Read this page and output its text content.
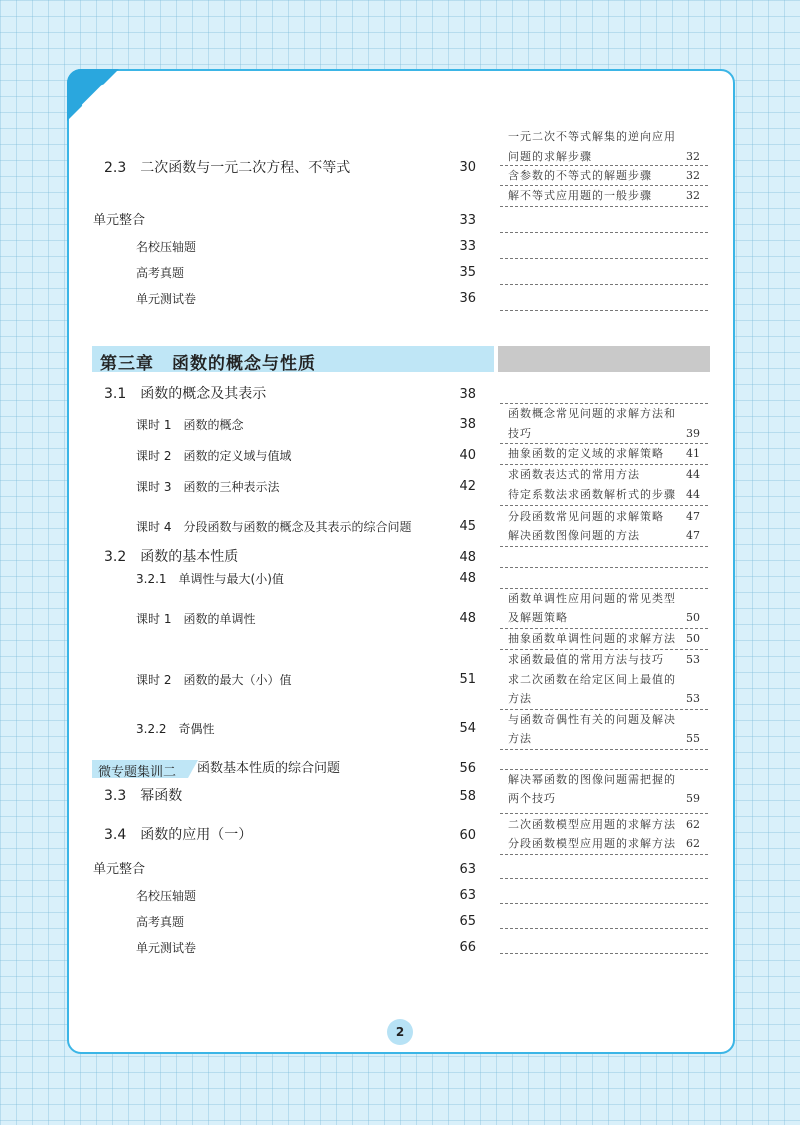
2.3　二次函数与一元二次方程、不等式	30
单元整合	33
名校压轴题	33
高考真题	35
单元测试卷	36
第三章　函数的概念与性质
3.1　函数的概念及其表示	38
课时 1　函数的概念	38
课时 2　函数的定义域与值域	40
课时 3　函数的三种表示法	42
课时 4　分段函数与函数的概念及其表示的综合问题	45
3.2　函数的基本性质	48
3.2.1　单调性与最大(小)值	48
课时 1　函数的单调性	48
课时 2　函数的最大（小）值	51
3.2.2　奇偶性	54
微专题集训二 函数基本性质的综合问题	56
3.3　幂函数	58
3.4　函数的应用（一）	60
单元整合	63
名校压轴题	63
高考真题	65
单元测试卷	66
一元二次不等式解集的逆向应用
问题的求解步骤	32
含参数的不等式的解题步骤	32
解不等式应用题的一般步骤	32
函数概念常见问题的求解方法和
技巧	39
抽象函数的定义域的求解策略	41
求函数表达式的常用方法	44
待定系数法求函数解析式的步骤 44
分段函数常见问题的求解策略	47
解决函数图像问题的方法	47
函数单调性应用问题的常见类型
及解题策略	50
抽象函数单调性问题的求解方法 50
求函数最值的常用方法与技巧	53
求二次函数在给定区间上最值的
方法	53
与函数奇偶性有关的问题及解决
方法	55
解决幂函数的图像问题需把握的
两个技巧	59
二次函数模型应用题的求解方法 62
分段函数模型应用题的求解方法 62
2
